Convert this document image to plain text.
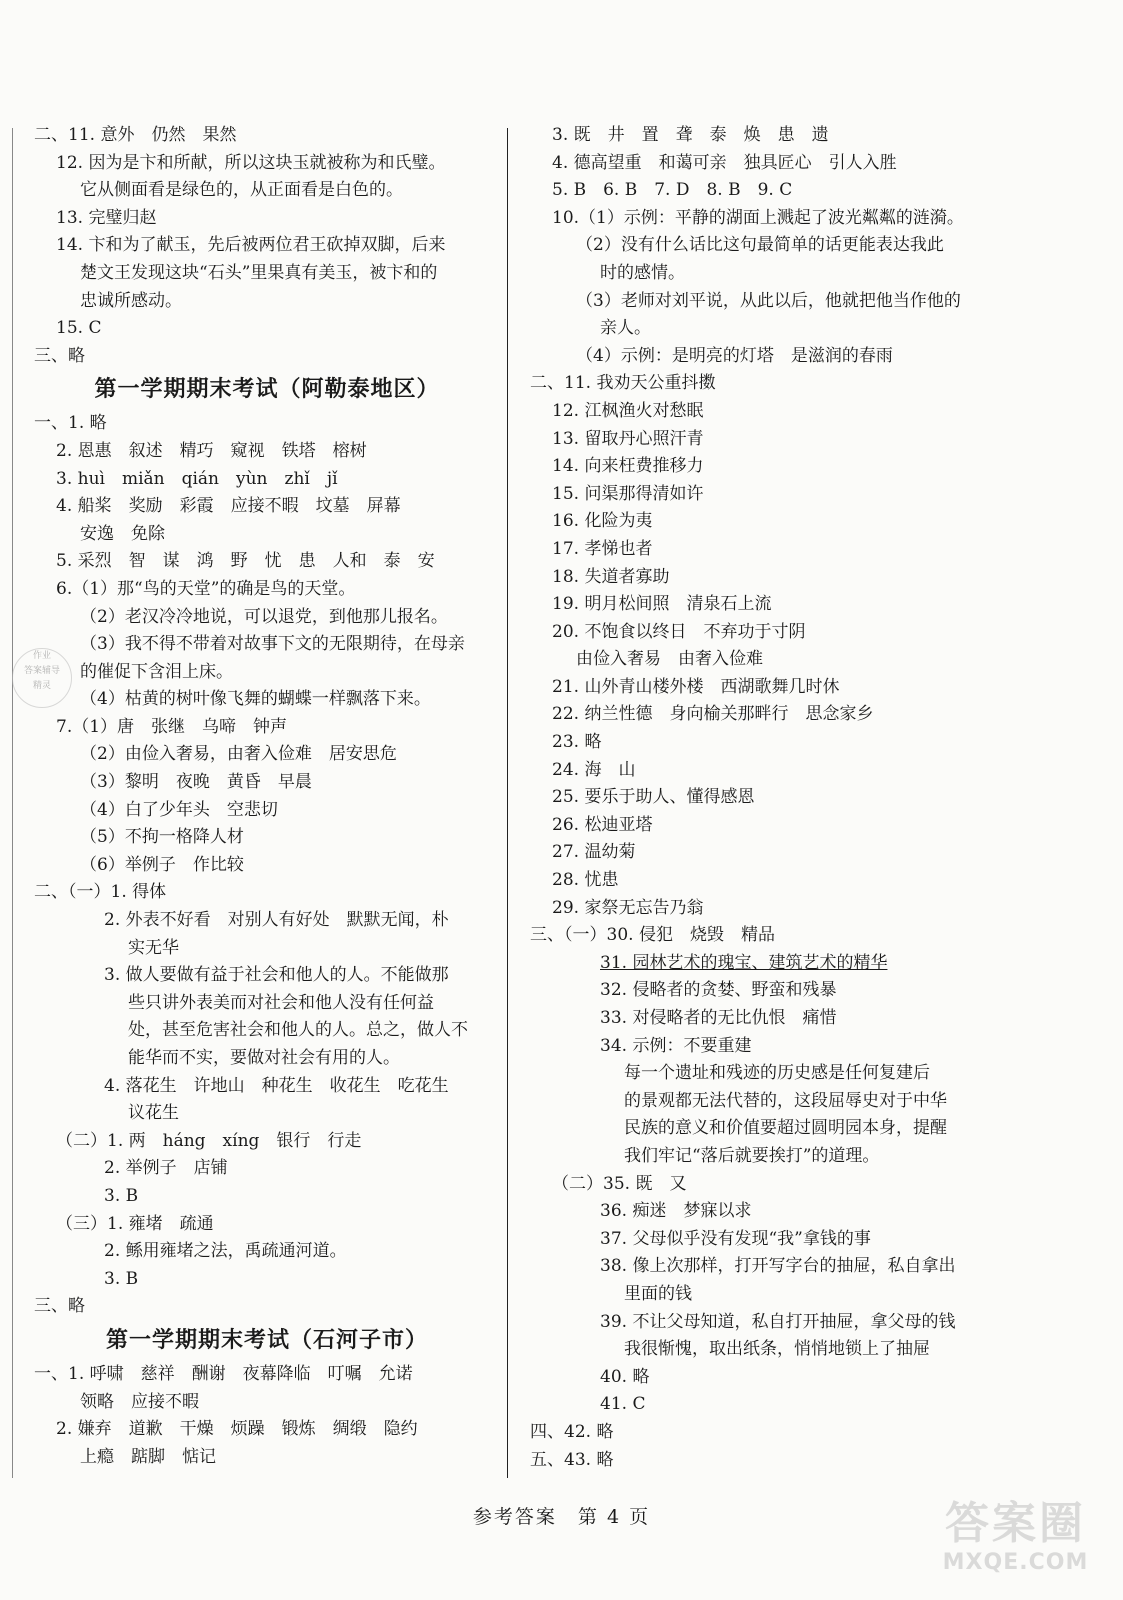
二、11. 意外　仍然　果然
12. 因为是卞和所献，所以这块玉就被称为和氏璧。
它从侧面看是绿色的，从正面看是白色的。
13. 完璧归赵
14. 卞和为了献玉，先后被两位君王砍掉双脚，后来
楚文王发现这块“石头”里果真有美玉，被卞和的
忠诚所感动。
15. C
三、略
第一学期期末考试（阿勒泰地区）
一、1. 略
2. 恩惠　叙述　精巧　窥视　铁塔　榕树
3. huì　miǎn　qián　yùn　zhǐ　jǐ
4. 船桨　奖励　彩霞　应接不暇　坟墓　屏幕
安逸　免除
5. 采烈　智　谋　鸿　野　忧　患　人和　泰　安
6.（1）那“鸟的天堂”的确是鸟的天堂。
（2）老汉冷冷地说，可以退党，到他那儿报名。
（3）我不得不带着对故事下文的无限期待，在母亲
的催促下含泪上床。
（4）枯黄的树叶像飞舞的蝴蝶一样飘落下来。
7.（1）唐　张继　乌啼　钟声
（2）由俭入奢易，由奢入俭难　居安思危
（3）黎明　夜晚　黄昏　早晨
（4）白了少年头　空悲切
（5）不拘一格降人材
（6）举例子　作比较
二、（一）1. 得体
2. 外表不好看　对别人有好处　默默无闻，朴
实无华
3. 做人要做有益于社会和他人的人。不能做那
些只讲外表美而对社会和他人没有任何益
处，甚至危害社会和他人的人。总之，做人不
能华而不实，要做对社会有用的人。
4. 落花生　许地山　种花生　收花生　吃花生
议花生
（二）1. 两　háng　xíng　银行　行走
2. 举例子　店铺
3. B
（三）1. 雍堵　疏通
2. 鲧用雍堵之法，禹疏通河道。
3. B
三、略
第一学期期末考试（石河子市）
一、1. 呼啸　慈祥　酬谢　夜幕降临　叮嘱　允诺
领略　应接不暇
2. 嫌弃　道歉　干燥　烦躁　锻炼　绸缎　隐约
上瘾　踮脚　惦记
3. 既　井　置　聋　泰　焕　患　遗
4. 德高望重　和蔼可亲　独具匠心　引人入胜
5. B　6. B　7. D　8. B　9. C
10.（1）示例：平静的湖面上溅起了波光粼粼的涟漪。
（2）没有什么话比这句最简单的话更能表达我此
时的感情。
（3）老师对刘平说，从此以后，他就把他当作他的
亲人。
（4）示例：是明亮的灯塔　是滋润的春雨
二、11. 我劝天公重抖擞
12. 江枫渔火对愁眠
13. 留取丹心照汗青
14. 向来枉费推移力
15. 问渠那得清如许
16. 化险为夷
17. 孝悌也者
18. 失道者寡助
19. 明月松间照　清泉石上流
20. 不饱食以终日　不弃功于寸阴
由俭入奢易　由奢入俭难
21. 山外青山楼外楼　西湖歌舞几时休
22. 纳兰性德　身向榆关那畔行　思念家乡
23. 略
24. 海　山
25. 要乐于助人、懂得感恩
26. 松迪亚塔
27. 温幼菊
28. 忧患
29. 家祭无忘告乃翁
三、（一）30. 侵犯　烧毁　精品
31. 园林艺术的瑰宝、建筑艺术的精华
32. 侵略者的贪婪、野蛮和残暴
33. 对侵略者的无比仇恨　痛惜
34. 示例：不要重建
每一个遗址和残迹的历史感是任何复建后
的景观都无法代替的，这段屈辱史对于中华
民族的意义和价值要超过圆明园本身，提醒
我们牢记“落后就要挨打”的道理。
（二）35. 既　又
36. 痴迷　梦寐以求
37. 父母似乎没有发现“我”拿钱的事
38. 像上次那样，打开写字台的抽屉，私自拿出
里面的钱
39. 不让父母知道，私自打开抽屉，拿父母的钱
我很惭愧，取出纸条，悄悄地锁上了抽屉
40. 略
41. C
四、42. 略
五、43. 略
作业
答案辅导
精灵
参考答案　第 4 页	答案圈
MXQE.COM
